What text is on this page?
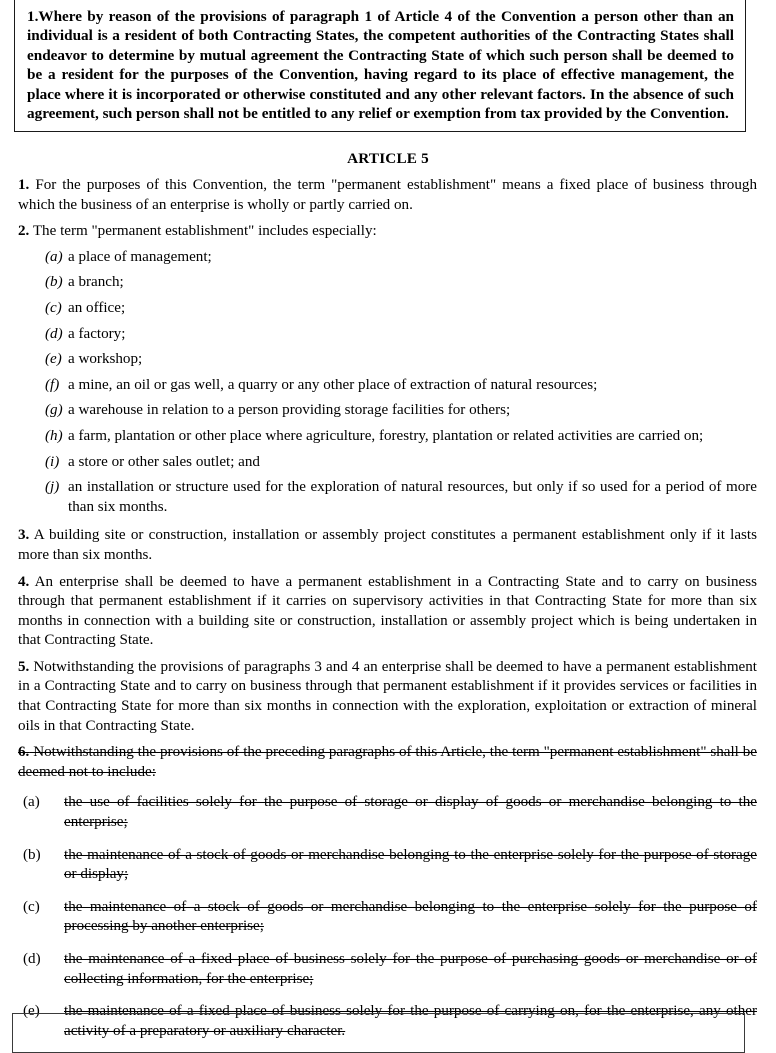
1.Where by reason of the provisions of paragraph 1 of Article 4 of the Convention a person other than an individual is a resident of both Contracting States, the competent authorities of the Contracting States shall endeavor to determine by mutual agreement the Contracting State of which such person shall be deemed to be a resident for the purposes of the Convention, having regard to its place of effective management, the place where it is incorporated or otherwise constituted and any other relevant factors. In the absence of such agreement, such person shall not be entitled to any relief or exemption from tax provided by the Convention.

ARTICLE 5

1. For the purposes of this Convention, the term "permanent establishment" means a fixed place of business through which the business of an enterprise is wholly or partly carried on.

2. The term "permanent establishment" includes especially:

(a) a place of management;
(b) a branch;
(c) an office;
(d) a factory;
(e) a workshop;
(f) a mine, an oil or gas well, a quarry or any other place of extraction of natural resources;
(g) a warehouse in relation to a person providing storage facilities for others;
(h) a farm, plantation or other place where agriculture, forestry, plantation or related activities are carried on;
(i) a store or other sales outlet; and
(j) an installation or structure used for the exploration of natural resources, but only if so used for a period of more than six months.

3. A building site or construction, installation or assembly project constitutes a permanent establishment only if it lasts more than six months.

4. An enterprise shall be deemed to have a permanent establishment in a Contracting State and to carry on business through that permanent establishment if it carries on supervisory activities in that Contracting State for more than six months in connection with a building site or construction, installation or assembly project which is being undertaken in that Contracting State.

5. Notwithstanding the provisions of paragraphs 3 and 4 an enterprise shall be deemed to have a permanent establishment in a Contracting State and to carry on business through that permanent establishment if it provides services or facilities in that Contracting State for more than six months in connection with the exploration, exploitation or extraction of mineral oils in that Contracting State.

6. Notwithstanding the provisions of the preceding paragraphs of this Article, the term "permanent establishment" shall be deemed not to include:

(a) the use of facilities solely for the purpose of storage or display of goods or merchandise belonging to the enterprise;
(b) the maintenance of a stock of goods or merchandise belonging to the enterprise solely for the purpose of storage or display;
(c) the maintenance of a stock of goods or merchandise belonging to the enterprise solely for the purpose of processing by another enterprise;
(d) the maintenance of a fixed place of business solely for the purpose of purchasing goods or merchandise or of collecting information, for the enterprise;
(e) the maintenance of a fixed place of business solely for the purpose of carrying on, for the enterprise, any other activity of a preparatory or auxiliary character.
